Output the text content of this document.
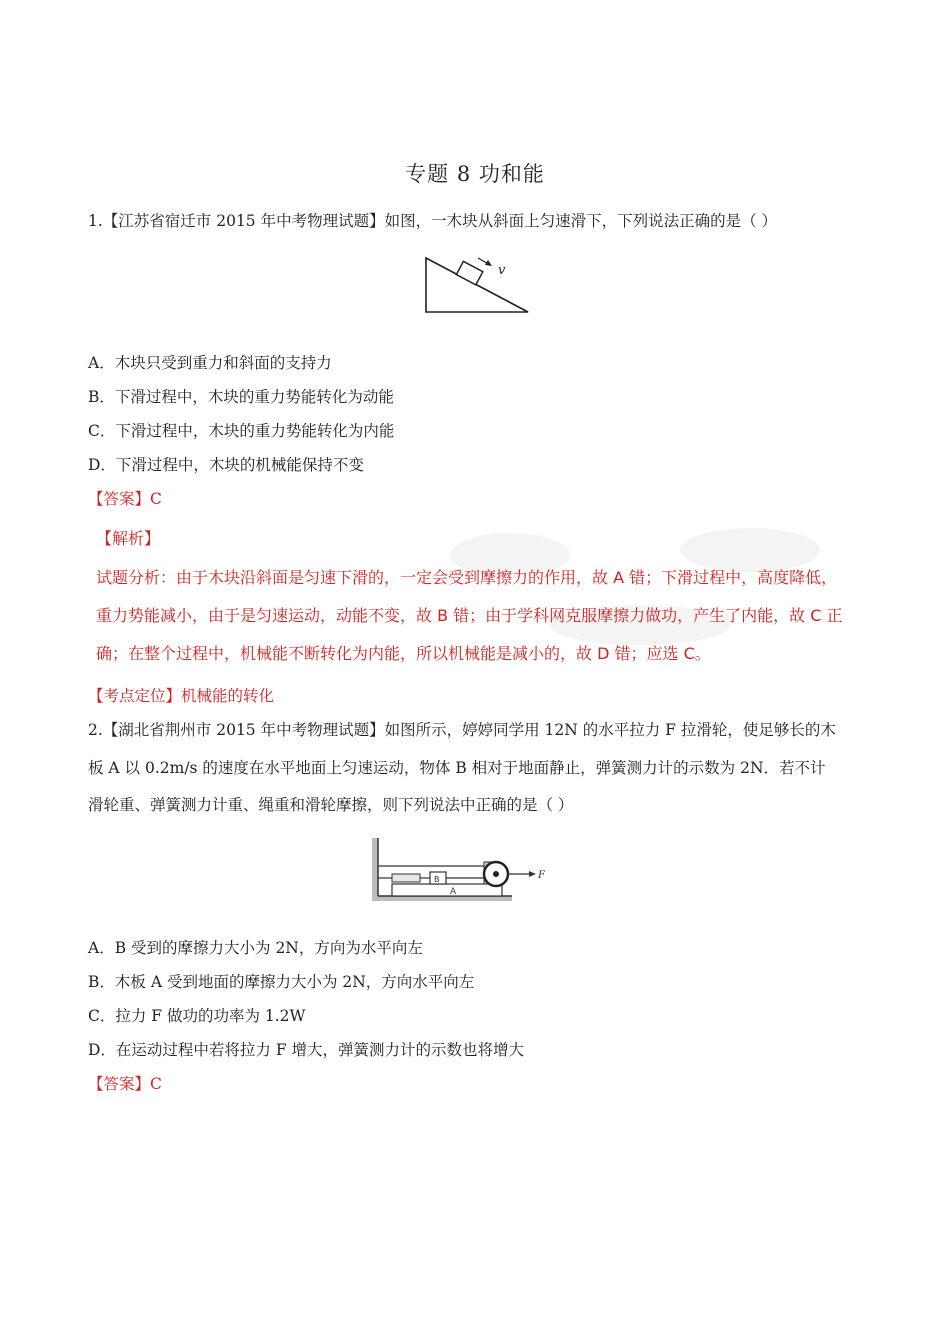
专题 8 功和能
1.【江苏省宿迁市 2015 年中考物理试题】如图，一木块从斜面上匀速滑下，下列说法正确的是（ ）
v
A．木块只受到重力和斜面的支持力
B．下滑过程中，木块的重力势能转化为动能
C．下滑过程中，木块的重力势能转化为内能
D．下滑过程中，木块的机械能保持不变
【答案】C
【解析】
试题分析：由于木块沿斜面是匀速下滑的，一定会受到摩擦力的作用，故 A 错；下滑过程中，高度降低，
重力势能减小，由于是匀速运动，动能不变，故 B 错；由于学科网克服摩擦力做功，产生了内能，故 C 正
确；在整个过程中，机械能不断转化为内能，所以机械能是减小的，故 D 错；应选 C。
【考点定位】机械能的转化
2.【湖北省荆州市 2015 年中考物理试题】如图所示，婷婷同学用 12N 的水平拉力 F 拉滑轮，使足够长的木
板 A 以 0.2m/s 的速度在水平地面上匀速运动，物体 B 相对于地面静止，弹簧测力计的示数为 2N．若不计
滑轮重、弹簧测力计重、绳重和滑轮摩擦，则下列说法中正确的是（ ）
A
B	F
A．B 受到的摩擦力大小为 2N，方向为水平向左
B．木板 A 受到地面的摩擦力大小为 2N，方向水平向左
C．拉力 F 做功的功率为 1.2W
D．在运动过程中若将拉力 F 增大，弹簧测力计的示数也将增大
【答案】C
